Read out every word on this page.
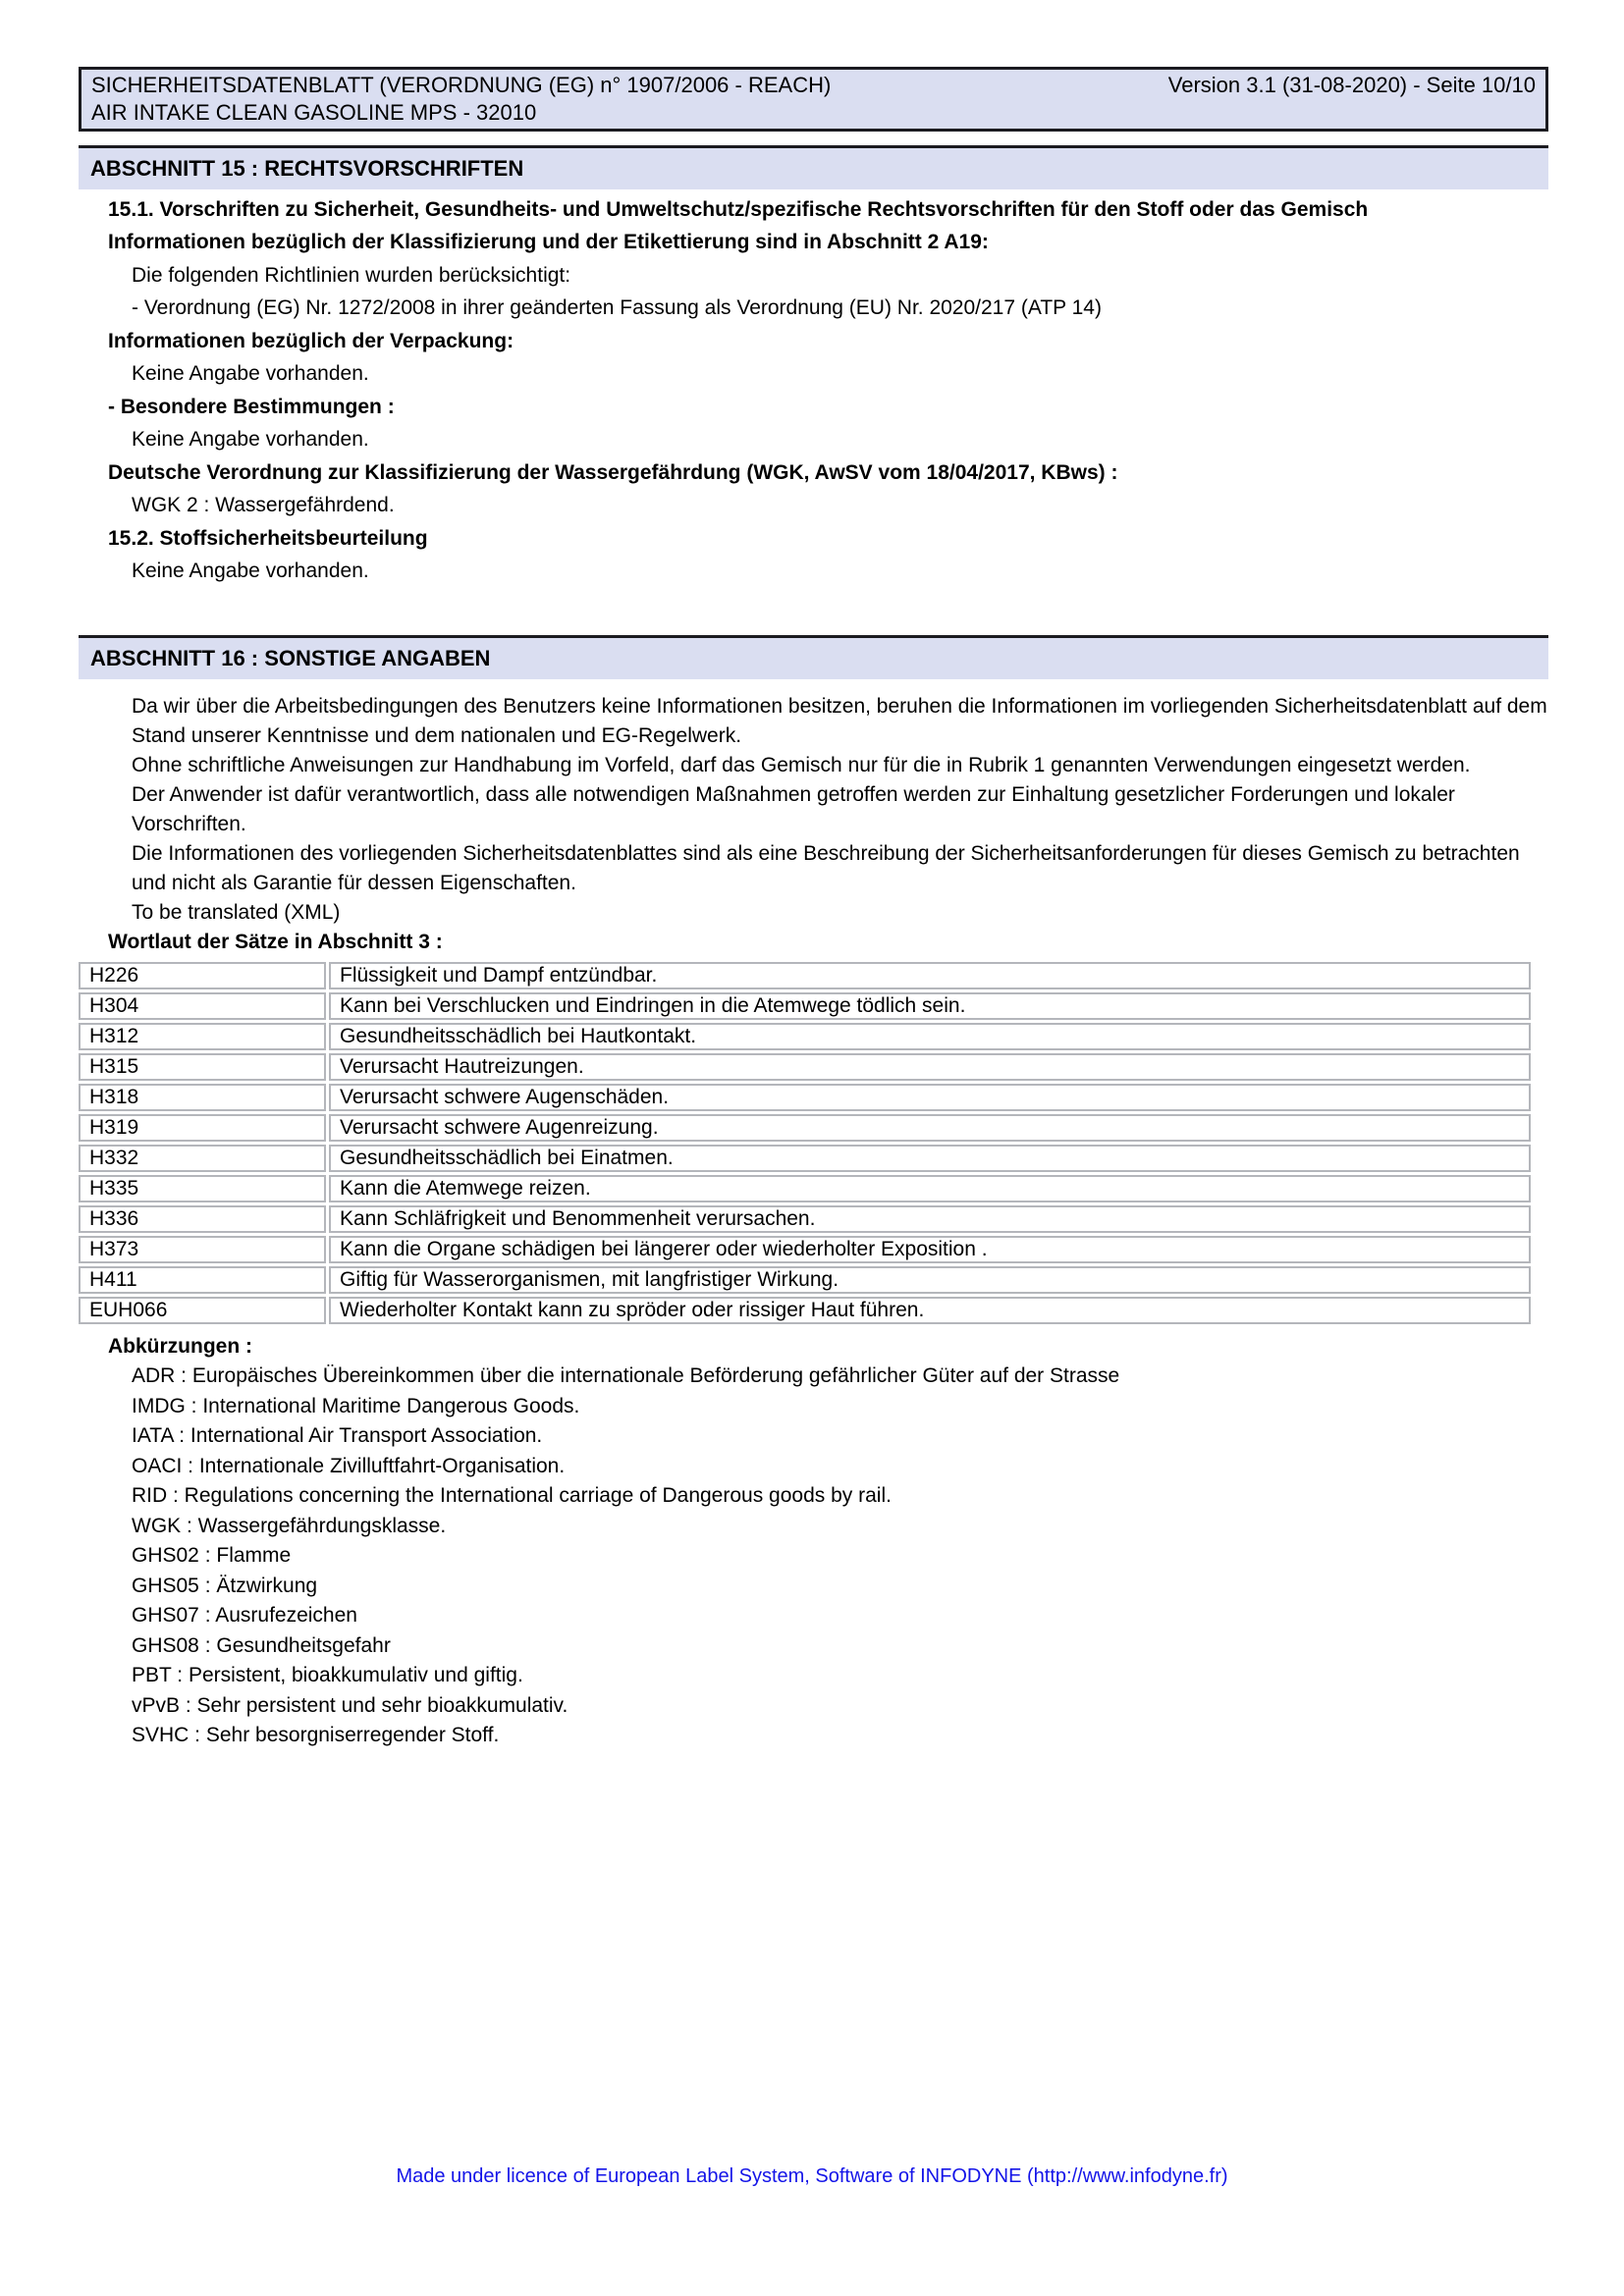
SICHERHEITSDATENBLATT (VERORDNUNG (EG) n° 1907/2006 - REACH)	Version 3.1 (31-08-2020) - Seite 10/10
AIR INTAKE CLEAN GASOLINE MPS - 32010
ABSCHNITT 15 : RECHTSVORSCHRIFTEN
15.1. Vorschriften zu Sicherheit, Gesundheits- und Umweltschutz/spezifische Rechtsvorschriften für den Stoff oder das Gemisch
Informationen bezüglich der Klassifizierung und der Etikettierung sind in Abschnitt 2 A19:
Die folgenden Richtlinien wurden berücksichtigt:
- Verordnung (EG) Nr. 1272/2008 in ihrer geänderten Fassung als Verordnung (EU) Nr. 2020/217 (ATP 14)
Informationen bezüglich der Verpackung:
Keine Angabe vorhanden.
- Besondere Bestimmungen :
Keine Angabe vorhanden.
Deutsche Verordnung zur Klassifizierung der Wassergefährdung (WGK, AwSV vom 18/04/2017, KBws) :
WGK 2 : Wassergefährdend.
15.2. Stoffsicherheitsbeurteilung
Keine Angabe vorhanden.
ABSCHNITT 16 : SONSTIGE ANGABEN

Da wir über die Arbeitsbedingungen des Benutzers keine Informationen besitzen, beruhen die Informationen im vorliegenden Sicherheitsdatenblatt auf dem Stand unserer Kenntnisse und dem nationalen und EG-Regelwerk.

Ohne schriftliche Anweisungen zur Handhabung im Vorfeld, darf das Gemisch nur für die in Rubrik 1 genannten Verwendungen eingesetzt werden.

Der Anwender ist dafür verantwortlich, dass alle notwendigen Maßnahmen getroffen werden zur Einhaltung gesetzlicher Forderungen und lokaler Vorschriften.

Die Informationen des vorliegenden Sicherheitsdatenblattes sind als eine Beschreibung der Sicherheitsanforderungen für dieses Gemisch zu betrachten und nicht als Garantie für dessen Eigenschaften.

To be translated (XML)

Wortlaut der Sätze in Abschnitt 3 :
H226	Flüssigkeit und Dampf entzündbar.
H304	Kann bei Verschlucken und Eindringen in die Atemwege tödlich sein.
H312	Gesundheitsschädlich bei Hautkontakt.
H315	Verursacht Hautreizungen.
H318	Verursacht schwere Augenschäden.
H319	Verursacht schwere Augenreizung.
H332	Gesundheitsschädlich bei Einatmen.
H335	Kann die Atemwege reizen.
H336	Kann Schläfrigkeit und Benommenheit verursachen.
H373	Kann die Organe schädigen bei längerer oder wiederholter Exposition .
H411	Giftig für Wasserorganismen, mit langfristiger Wirkung.
EUH066	Wiederholter Kontakt kann zu spröder oder rissiger Haut führen.
Abkürzungen :
ADR : Europäisches Übereinkommen über die internationale Beförderung gefährlicher Güter auf der Strasse
IMDG : International Maritime Dangerous Goods.
IATA : International Air Transport Association.
OACI : Internationale Zivilluftfahrt-Organisation.
RID : Regulations concerning the International carriage of Dangerous goods by rail.
WGK : Wassergefährdungsklasse.
GHS02 : Flamme
GHS05 : Ätzwirkung
GHS07 : Ausrufezeichen
GHS08 : Gesundheitsgefahr
PBT : Persistent, bioakkumulativ und giftig.
vPvB : Sehr persistent und sehr bioakkumulativ.
SVHC : Sehr besorgniserregender Stoff.
Made under licence of European Label System, Software of INFODYNE (http://www.infodyne.fr)
